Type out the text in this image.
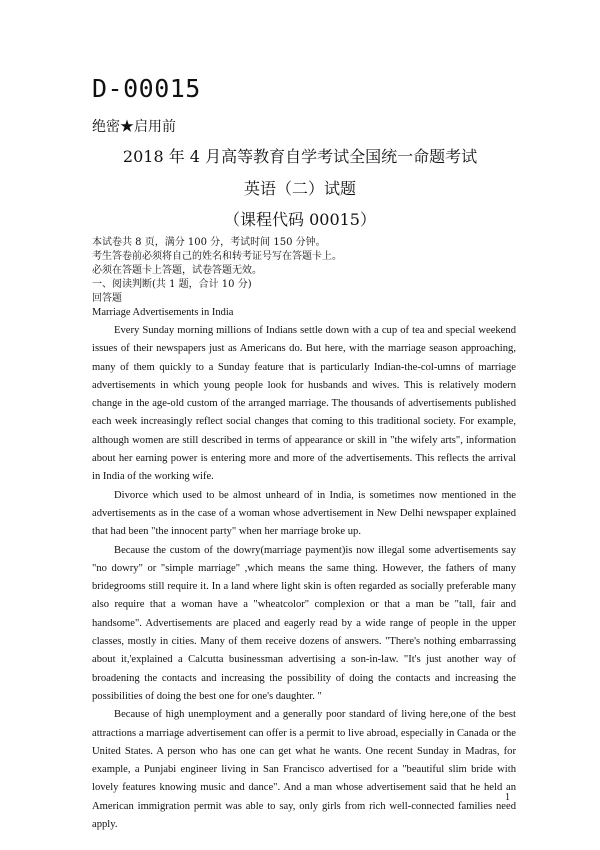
D-00015
绝密★启用前
2018 年 4 月高等教育自学考试全国统一命题考试
英语（二）试题
（课程代码 00015）
本试卷共 8 页，满分 100 分，考试时间 150 分钟。
考生答卷前必须将自己的姓名和转考证号写在答题卡上。
必须在答题卡上答题，试卷答题无效。
一、阅读判断(共 1 题，合计 10 分)
回答题
Marriage Advertisements in India

Every Sunday morning millions of Indians settle down with a cup of tea and special weekend issues of their newspapers just as Americans do. But here, with the marriage season approaching, many of them quickly to a Sunday feature that is particularly Indian-the-col-umns of marriage advertisements in which young people look for husbands and wives. This is relatively modern change in the age-old custom of the arranged marriage. The thousands of advertisements published each week increasingly reflect social changes that coming to this traditional society. For example, although women are still described in terms of appearance or skill in "the wifely arts", information about her earning power is entering more and more of the advertisements. This reflects the arrival in India of the working wife.

Divorce which used to be almost unheard of in India, is sometimes now mentioned in the advertisements as in the case of a woman whose advertisement in New Delhi newspaper explained that had been "the innocent party" when her marriage broke up.

Because the custom of the dowry(marriage payment)is now illegal some advertisements say "no dowry" or "simple marriage" ,which means the same thing. However, the fathers of many bridegrooms still require it. In a land where light skin is often regarded as socially preferable many also require that a woman have a "wheatcolor" complexion or that a man be "tall, fair and handsome". Advertisements are placed and eagerly read by a wide range of people in the upper classes, mostly in cities. Many of them receive dozens of answers. "There's nothing embarrassing about it,'explained a Calcutta businessman advertising a son-in-law. "It's just another way of broadening the contacts and increasing the possibility of doing the contacts and increasing the possibilities of doing the best one for one's daughter. "

Because of high unemployment and a generally poor standard of living here,one of the best attractions a marriage advertisement can offer is a permit to live abroad, especially in Canada or the United States. A person who has one can get what he wants. One recent Sunday in Madras, for example, a Punjabi engineer living in San Francisco advertised for a "beautiful slim bride with lovely features knowing music and dance". And a man whose advertisement said that he held an American immigration permit was able to say, only girls from rich well-connected families need apply.

1
